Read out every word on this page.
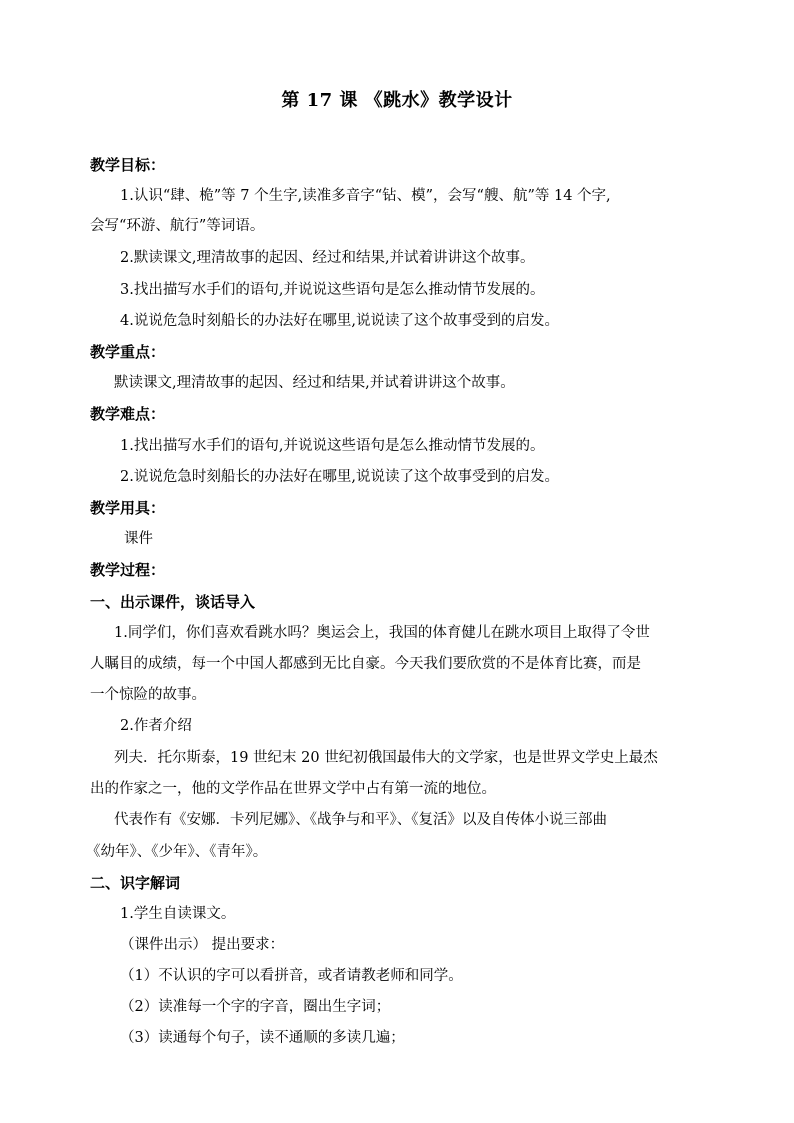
第 17 课 《跳水》教学设计
教学目标：
1.认识“肆、桅”等 7 个生字,读准多音字“钻、模”，会写“艘、航”等 14 个字,
会写“环游、航行”等词语。
2.默读课文,理清故事的起因、经过和结果,并试着讲讲这个故事。
3.找出描写水手们的语句,并说说这些语句是怎么推动情节发展的。
4.说说危急时刻船长的办法好在哪里,说说读了这个故事受到的启发。
教学重点：
默读课文,理清故事的起因、经过和结果,并试着讲讲这个故事。
教学难点：
1.找出描写水手们的语句,并说说这些语句是怎么推动情节发展的。
2.说说危急时刻船长的办法好在哪里,说说读了这个故事受到的启发。
教学用具：
课件
教学过程：
一、出示课件，谈话导入
1.同学们，你们喜欢看跳水吗？奥运会上，我国的体育健儿在跳水项目上取得了令世
人瞩目的成绩，每一个中国人都感到无比自豪。今天我们要欣赏的不是体育比赛，而是
一个惊险的故事。
2.作者介绍
列夫．托尔斯泰，19 世纪末 20 世纪初俄国最伟大的文学家，也是世界文学史上最杰
出的作家之一，他的文学作品在世界文学中占有第一流的地位。
代表作有《安娜．卡列尼娜》、《战争与和平》、《复活》以及自传体小说三部曲
《幼年》、《少年》、《青年》。
二、识字解词
1.学生自读课文。
（课件出示） 提出要求：
（1）不认识的字可以看拼音，或者请教老师和同学。
（2）读准每一个字的字音，圈出生字词；
（3）读通每个句子，读不通顺的多读几遍；
